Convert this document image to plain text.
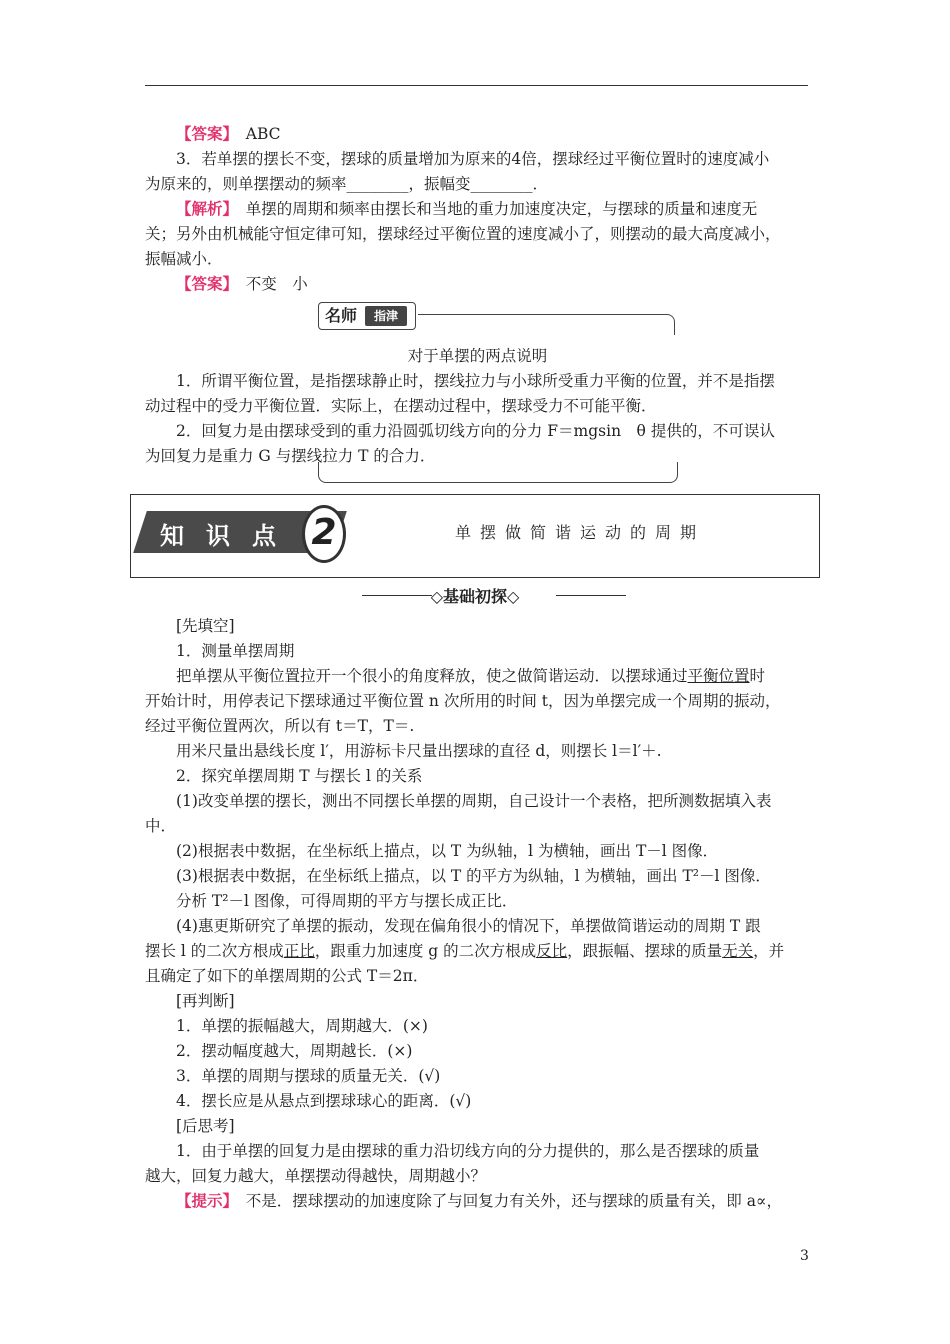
【答案】　 ABC
3．若单摆的摆长不变，摆球的质量增加为原来的4倍，摆球经过平衡位置时的速度减小
为原来的，则单摆摆动的频率________，振幅变________．
【解析】　 单摆的周期和频率由摆长和当地的重力加速度决定，与摆球的质量和速度无
关；另外由机械能守恒定律可知，摆球经过平衡位置的速度减小了，则摆动的最大高度减小，
振幅减小．
【答案】　 不变　小
名师	指津
对于单摆的两点说明
1．所谓平衡位置，是指摆球静止时，摆线拉力与小球所受重力平衡的位置，并不是指摆
动过程中的受力平衡位置．实际上，在摆动过程中，摆球受力不可能平衡．
2．回复力是由摆球受到的重力沿圆弧切线方向的分力 F＝mgsin　θ 提供的，不可误认
为回复力是重力 G 与摆线拉力 T 的合力．
知识点 2	单摆做简谐运动的周期
◇基础初探◇
[先填空]
1．测量单摆周期
把单摆从平衡位置拉开一个很小的角度释放，使之做简谐运动．以摆球通过平衡位置时
开始计时，用停表记下摆球通过平衡位置 n 次所用的时间 t，因为单摆完成一个周期的振动，
经过平衡位置两次，所以有 t＝T，T＝.
用米尺量出悬线长度 l′，用游标卡尺量出摆球的直径 d，则摆长 l＝l′＋.
2．探究单摆周期 T 与摆长 l 的关系
(1)改变单摆的摆长，测出不同摆长单摆的周期，自己设计一个表格，把所测数据填入表
中．
(2)根据表中数据，在坐标纸上描点，以 T 为纵轴，l 为横轴，画出 T－l 图像．
(3)根据表中数据，在坐标纸上描点，以 T 的平方为纵轴，l 为横轴，画出 T²－l 图像．
分析 T²－l 图像，可得周期的平方与摆长成正比．
(4)惠更斯研究了单摆的振动，发现在偏角很小的情况下，单摆做简谐运动的周期 T 跟
摆长 l 的二次方根成正比，跟重力加速度 g 的二次方根成反比，跟振幅、摆球的质量无关，并
且确定了如下的单摆周期的公式 T＝2π．
[再判断]
1．单摆的振幅越大，周期越大．(×)
2．摆动幅度越大，周期越长．(×)
3．单摆的周期与摆球的质量无关．(√)
4．摆长应是从悬点到摆球球心的距离．(√)
[后思考]
1．由于单摆的回复力是由摆球的重力沿切线方向的分力提供的，那么是否摆球的质量
越大，回复力越大，单摆摆动得越快，周期越小？
【提示】　 不是．摆球摆动的加速度除了与回复力有关外，还与摆球的质量有关，即 a∝，
3
